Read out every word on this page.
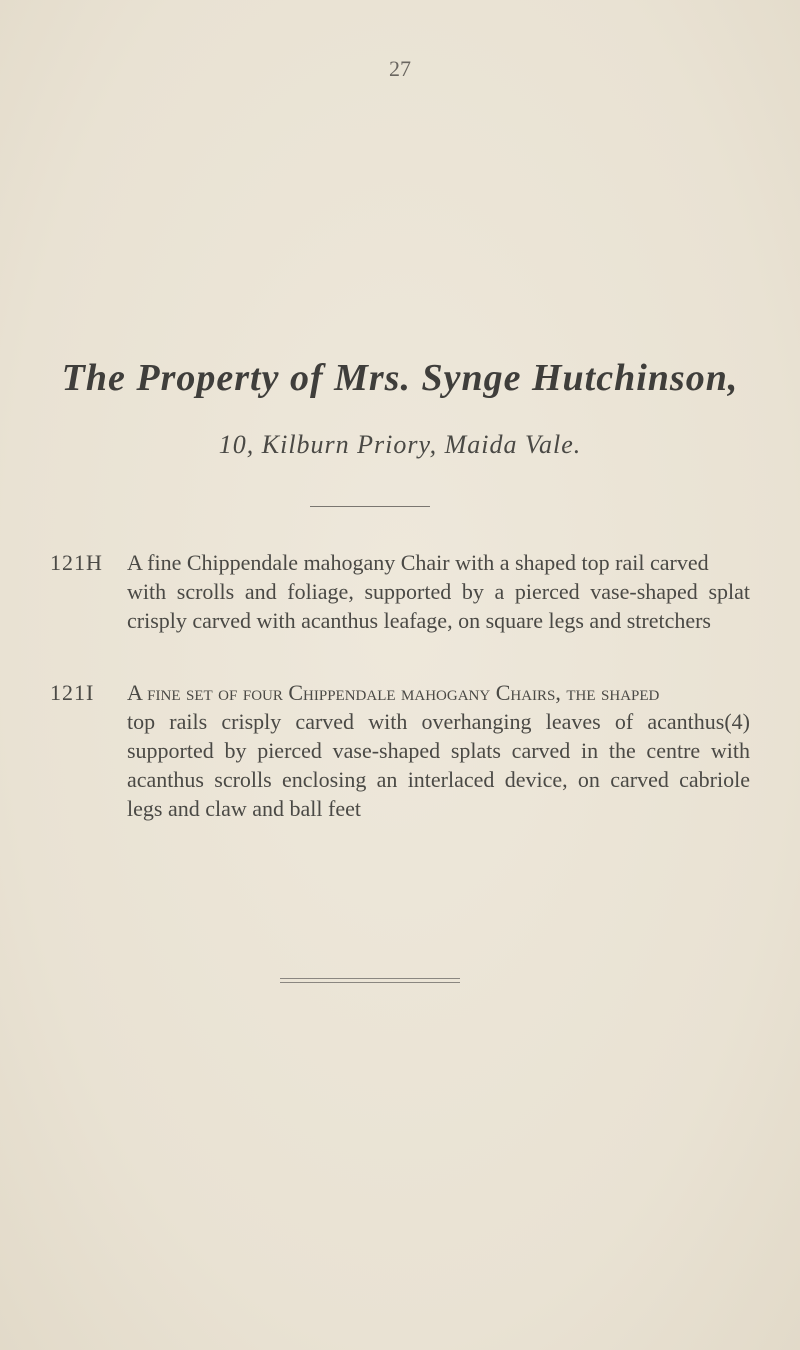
27
The Property of Mrs. Synge Hutchinson,
10, Kilburn Priory, Maida Vale.
121H	A fine Chippendale mahogany Chair with a shaped top rail carved
with scrolls and foliage, supported by a pierced vase-shaped splat crisply carved with acanthus leafage, on square legs and stretchers
121I	A fine set of four Chippendale mahogany Chairs, the shaped
(4)
top rails crisply carved with overhanging leaves of acanthus supported by pierced vase-shaped splats carved in the centre with acanthus scrolls enclosing an interlaced device, on carved cabriole legs and claw and ball feet
